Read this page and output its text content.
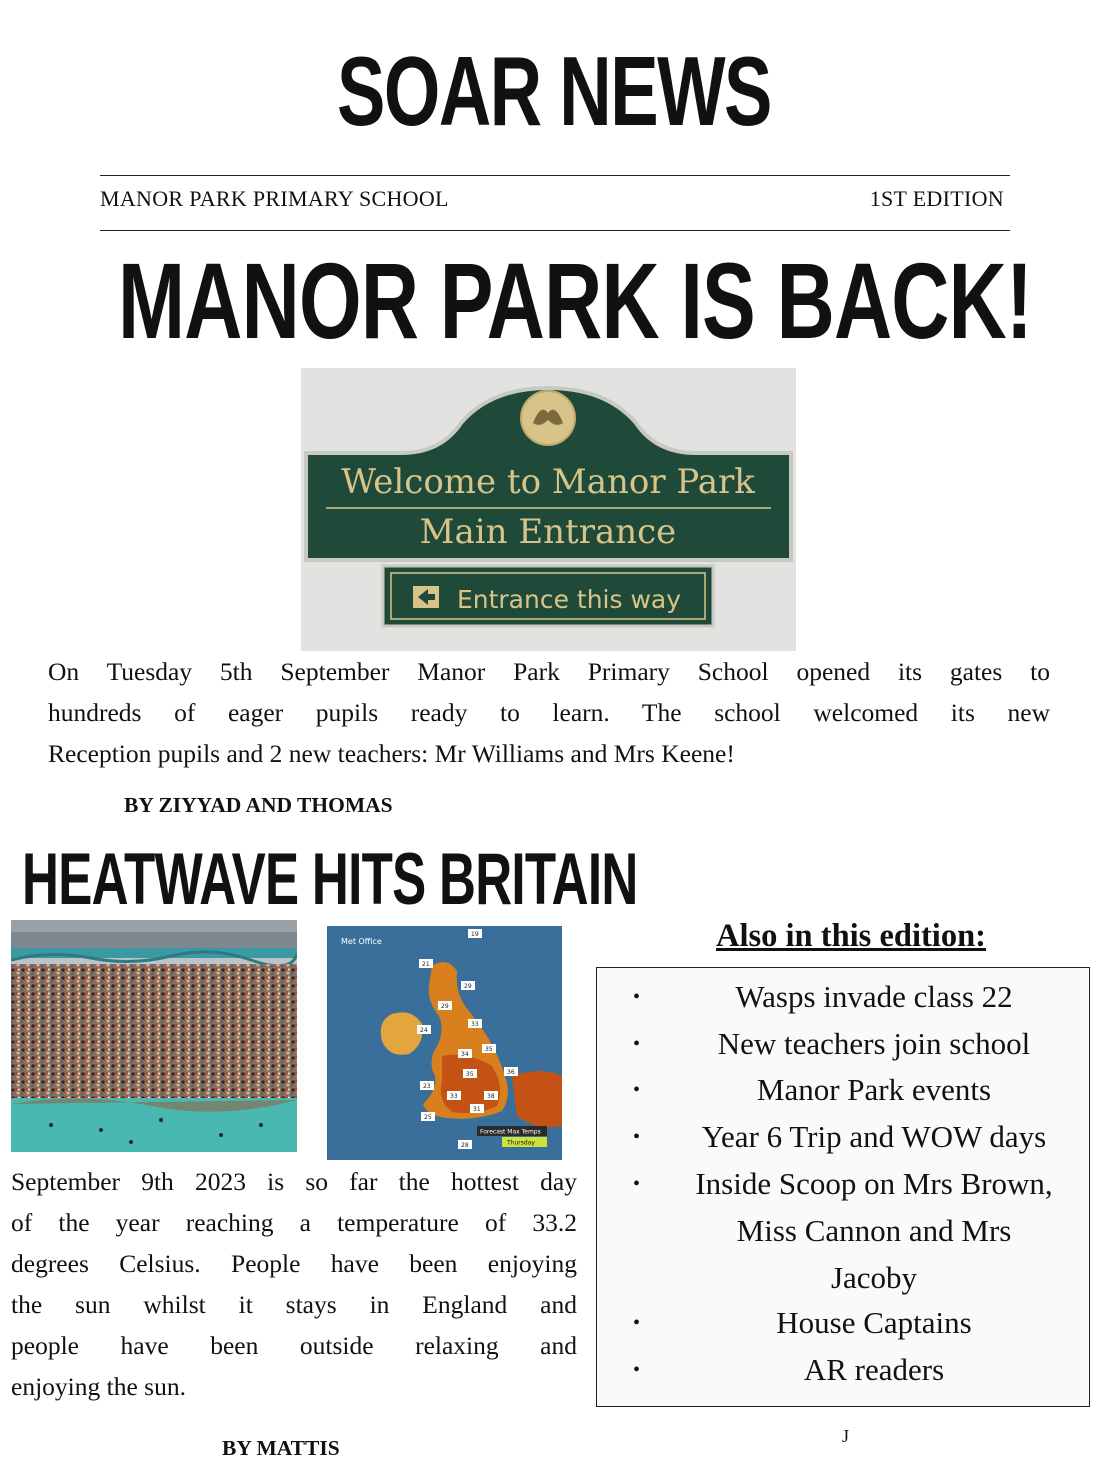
SOAR NEWS
MANOR PARK PRIMARY SCHOOL	1ST EDITION
MANOR PARK IS BACK!
Welcome to Manor Park
Main Entrance
Entrance this way
On Tuesday 5th September Manor Park Primary School opened its gates to
hundreds of eager pupils ready to learn. The school welcomed its new
Reception pupils and 2 new teachers: Mr Williams and Mrs Keene!
BY ZIYYAD AND THOMAS
HEATWAVE HITS BRITAIN
Met Office
19
21
29
29
33
24
34
35
35	36
23
33	38
31
25
28
Forecast Max Temps
Thursday
September 9th 2023 is so far the hottest day
of the year reaching a temperature of 33.2
degrees Celsius. People have been enjoying
the sun whilst it stays in England and
people have been outside relaxing and
enjoying the sun.
BY MATTIS
Also in this edition:
•	Wasps invade class 22
•	New teachers join school
•	Manor Park events
•	Year 6 Trip and WOW days
•	Inside Scoop on Mrs Brown,
Miss Cannon and Mrs
Jacoby
•	House Captains
•	AR readers
J
